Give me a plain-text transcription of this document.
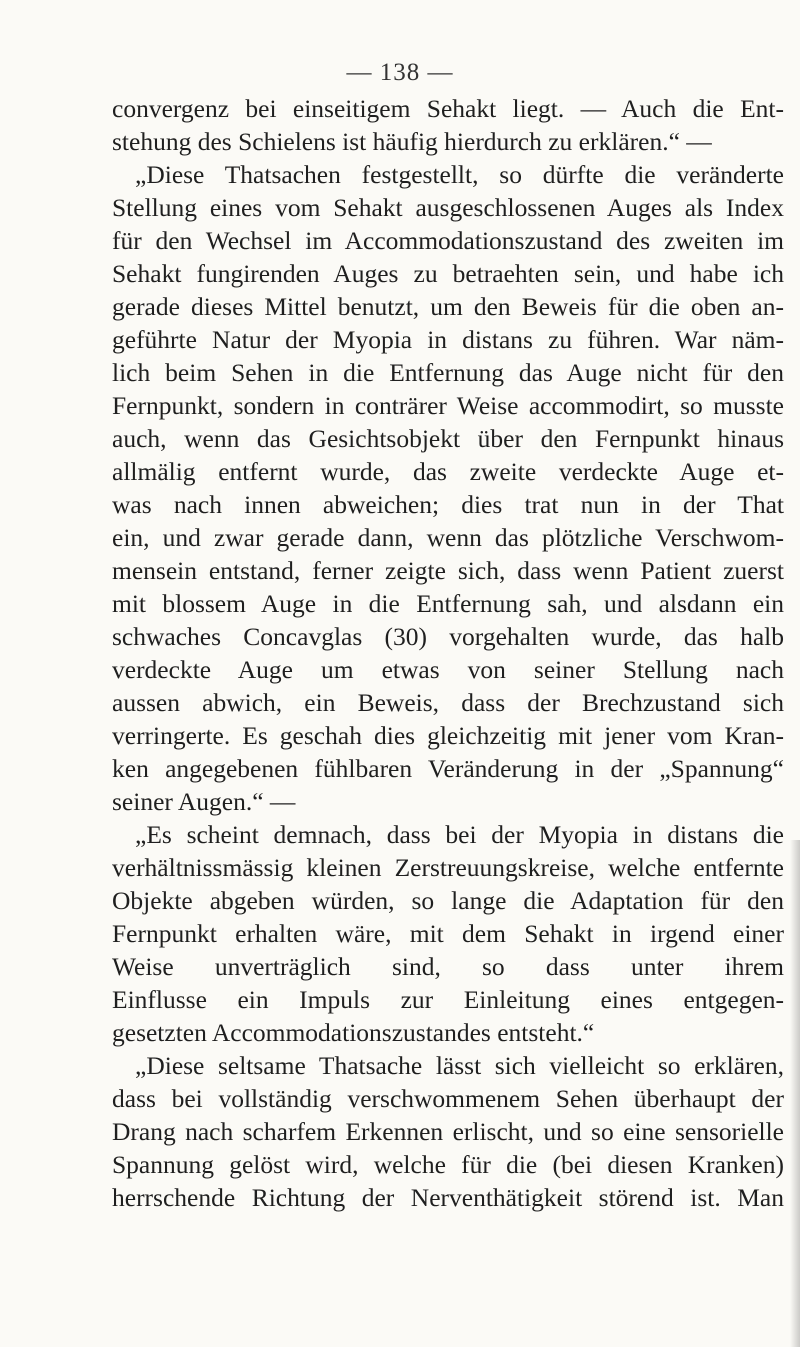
— 138 —
convergenz bei einseitigem Sehakt liegt. — Auch die Ent-
stehung des Schielens ist häufig hierdurch zu erklären.“ —
„Diese Thatsachen festgestellt, so dürfte die veränderte
Stellung eines vom Sehakt ausgeschlossenen Auges als Index
für den Wechsel im Accommodationszustand des zweiten im
Sehakt fungirenden Auges zu betraehten sein, und habe ich
gerade dieses Mittel benutzt, um den Beweis für die oben an-
geführte Natur der Myopia in distans zu führen. War näm-
lich beim Sehen in die Entfernung das Auge nicht für den
Fernpunkt, sondern in conträrer Weise accommodirt, so musste
auch, wenn das Gesichtsobjekt über den Fernpunkt hinaus
allmälig entfernt wurde, das zweite verdeckte Auge et-
was nach innen abweichen; dies trat nun in der That
ein, und zwar gerade dann, wenn das plötzliche Verschwom-
mensein entstand, ferner zeigte sich, dass wenn Patient zuerst
mit blossem Auge in die Entfernung sah, und alsdann ein
schwaches Concavglas (30) vorgehalten wurde, das halb
verdeckte Auge um etwas von seiner Stellung nach
aussen abwich, ein Beweis, dass der Brechzustand sich
verringerte. Es geschah dies gleichzeitig mit jener vom Kran-
ken angegebenen fühlbaren Veränderung in der „Spannung“
seiner Augen.“ —
„Es scheint demnach, dass bei der Myopia in distans die
verhältnissmässig kleinen Zerstreuungskreise, welche entfernte
Objekte abgeben würden, so lange die Adaptation für den
Fernpunkt erhalten wäre, mit dem Sehakt in irgend einer
Weise unverträglich sind, so dass unter ihrem
Einflusse ein Impuls zur Einleitung eines entgegen-
gesetzten Accommodationszustandes entsteht.“
„Diese seltsame Thatsache lässt sich vielleicht so erklären,
dass bei vollständig verschwommenem Sehen überhaupt der
Drang nach scharfem Erkennen erlischt, und so eine sensorielle
Spannung gelöst wird, welche für die (bei diesen Kranken)
herrschende Richtung der Nerventhätigkeit störend ist. Man
